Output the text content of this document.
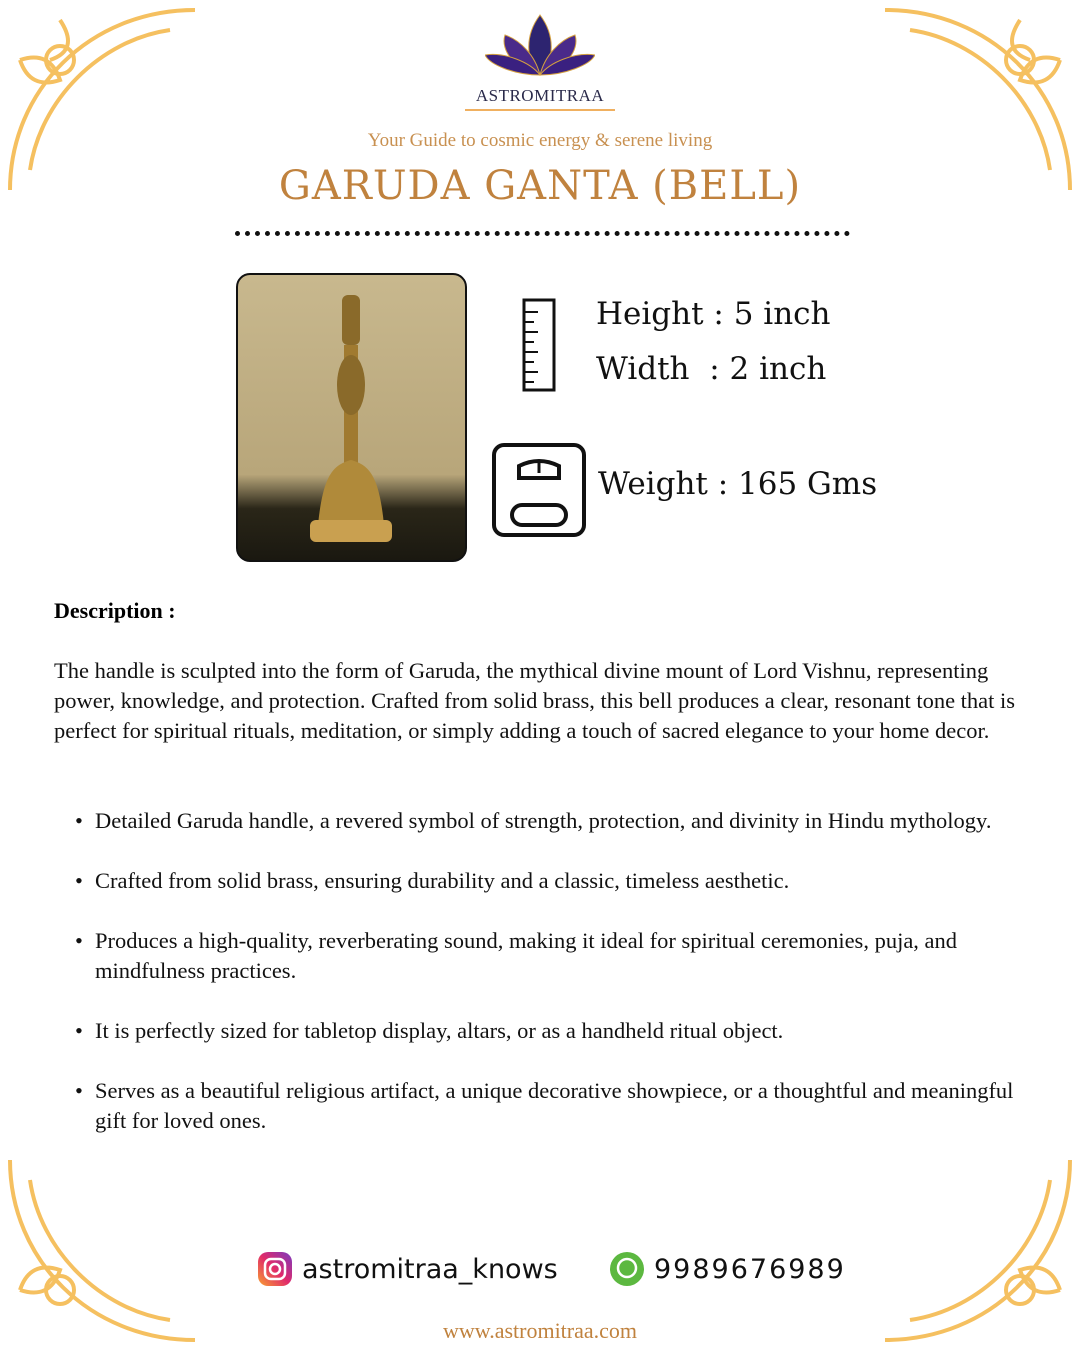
ASTROMITRAA
Your Guide to cosmic energy & serene living
GARUDA GANTA (BELL)
Height : 5 inch
Width  : 2 inch
Weight : 165 Gms
Description :

The handle is sculpted into the form of Garuda, the mythical divine mount of Lord Vishnu, representing power, knowledge, and protection. Crafted from solid brass, this bell produces a clear, resonant tone that is perfect for spiritual rituals, meditation, or simply adding a touch of sacred elegance to your home decor.

• Detailed Garuda handle, a revered symbol of strength, protection, and divinity in Hindu mythology.
• Crafted from solid brass, ensuring durability and a classic, timeless aesthetic.
• Produces a high-quality, reverberating sound, making it ideal for spiritual ceremonies, puja, and mindfulness practices.
• It is perfectly sized for tabletop display, altars, or as a handheld ritual object.
• Serves as a beautiful religious artifact, a unique decorative showpiece, or a thoughtful and meaningful gift for loved ones.
astromitraa_knows	9989676989
www.astromitraa.com
